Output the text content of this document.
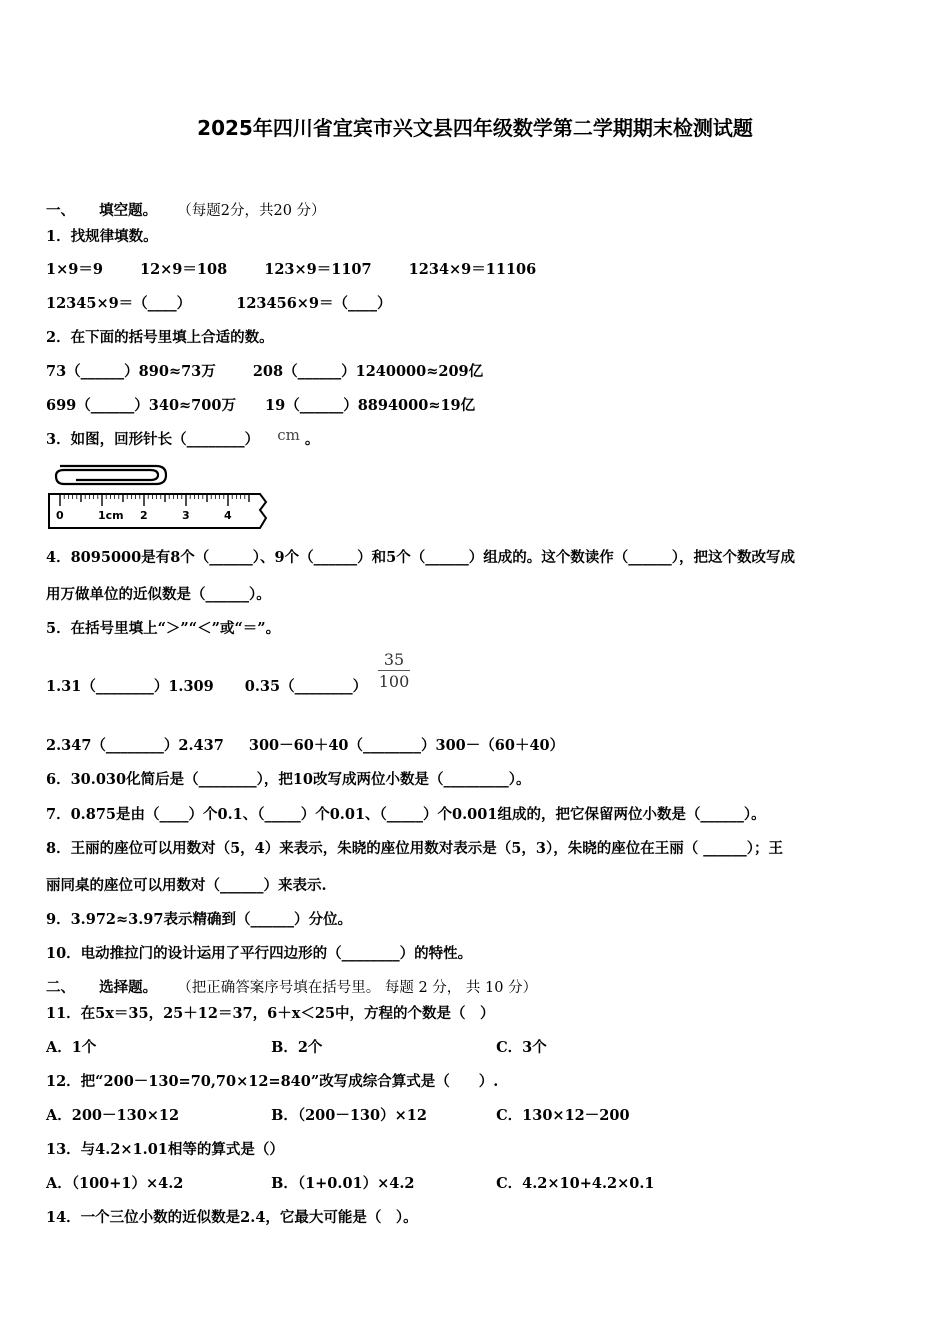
2025年四川省宜宾市兴文县四年级数学第二学期期末检测试题
一、 填空题。 （每题2分，共20 分）
1．找规律填数。
1×9＝9	12×9＝108	123×9＝1107	1234×9＝11106
12345×9＝（____）	123456×9＝（____）
2．在下面的括号里填上合适的数。
73（______）890≈73万	208（______）1240000≈209亿
699（______）340≈700万 19（______）8894000≈19亿
3．如图，回形针长（________） cm 。
0	1cm 2	3	4
4．8095000是有8个（______）、9个（______）和5个（______）组成的。这个数读作（______），把这个数改写成
用万做单位的近似数是（______）。
5．在括号里填上“＞”“＜”或“＝”。
1.31（________）1.309 0.35（________）
35
100
2.347（________）2.437 300－60＋40（________）300－（60＋40）
6．30.030化简后是（________），把10改写成两位小数是（_________）。
7．0.875是由（____）个0.1、（_____）个0.01、（_____）个0.001组成的，把它保留两位小数是（______）。
8．王丽的座位可以用数对（5，4）来表示，朱晓的座位用数对表示是（5，3），朱晓的座位在王丽（ ______）；王
丽同桌的座位可以用数对（______）来表示.
9．3.972≈3.97表示精确到（______）分位。
10．电动推拉门的设计运用了平行四边形的（________）的特性。
二、 选择题。 （把正确答案序号填在括号里。 每题 2 分， 共 10 分）
11．在5x＝35，25＋12＝37，6＋x＜25中，方程的个数是（　）
A．1个	B．2个	C．3个
12．把“200－130=70,70×12=840”改写成综合算式是（　　）.
A．200－130×12	B．（200－130）×12	C．130×12－200
13．与4.2×1.01相等的算式是（）
A．（100+1）×4.2	B．（1+0.01）×4.2	C．4.2×10+4.2×0.1
14．一个三位小数的近似数是2.4，它最大可能是（　）。
